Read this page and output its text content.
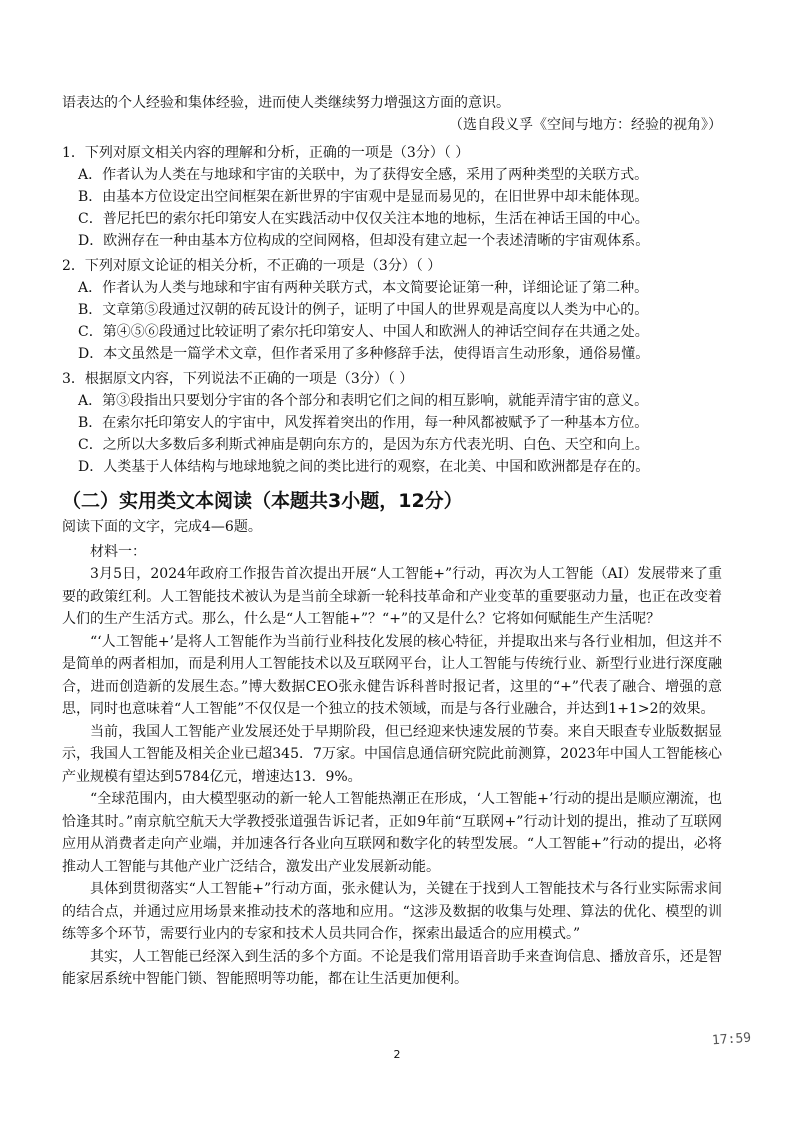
语表达的个人经验和集体经验，进而使人类继续努力增强这方面的意识。
（选自段义孚《空间与地方：经验的视角》）
1．下列对原文相关内容的理解和分析，正确的一项是（3分）（ ）
A．作者认为人类在与地球和宇宙的关联中，为了获得安全感，采用了两种类型的关联方式。
B．由基本方位设定出空间框架在新世界的宇宙观中是显而易见的，在旧世界中却未能体现。
C．普尼托巴的索尔托印第安人在实践活动中仅仅关注本地的地标，生活在神话王国的中心。
D．欧洲存在一种由基本方位构成的空间网格，但却没有建立起一个表述清晰的宇宙观体系。
2．下列对原文论证的相关分析，不正确的一项是（3分）（ ）
A．作者认为人类与地球和宇宙有两种关联方式，本文简要论证第一种，详细论证了第二种。
B．文章第⑤段通过汉朝的砖瓦设计的例子，证明了中国人的世界观是高度以人类为中心的。
C．第④⑤⑥段通过比较证明了索尔托印第安人、中国人和欧洲人的神话空间存在共通之处。
D．本文虽然是一篇学术文章，但作者采用了多种修辞手法，使得语言生动形象，通俗易懂。
3．根据原文内容，下列说法不正确的一项是（3分）（ ）
A．第③段指出只要划分宇宙的各个部分和表明它们之间的相互影响，就能弄清宇宙的意义。
B．在索尔托印第安人的宇宙中，风发挥着突出的作用，每一种风都被赋予了一种基本方位。
C．之所以大多数后多利斯式神庙是朝向东方的，是因为东方代表光明、白色、天空和向上。
D．人类基于人体结构与地球地貌之间的类比进行的观察，在北美、中国和欧洲都是存在的。
（二）实用类文本阅读（本题共3小题，12分）

阅读下面的文字，完成4—6题。

材料一：

3月5日，2024年政府工作报告首次提出开展“人工智能+”行动，再次为人工智能（AI）发展带来了重要的政策红利。人工智能技术被认为是当前全球新一轮科技革命和产业变革的重要驱动力量，也正在改变着人们的生产生活方式。那么，什么是“人工智能+”？“+”的又是什么？它将如何赋能生产生活呢？

“‘人工智能+’是将人工智能作为当前行业科技化发展的核心特征，并提取出来与各行业相加，但这并不是简单的两者相加，而是利用人工智能技术以及互联网平台，让人工智能与传统行业、新型行业进行深度融合，进而创造新的发展生态。”博大数据CEO张永健告诉科普时报记者，这里的“+”代表了融合、增强的意思，同时也意味着“人工智能”不仅仅是一个独立的技术领域，而是与各行业融合，并达到1+1>2的效果。

当前，我国人工智能产业发展还处于早期阶段，但已经迎来快速发展的节奏。来自天眼查专业版数据显示，我国人工智能及相关企业已超345．7万家。中国信息通信研究院此前测算，2023年中国人工智能核心产业规模有望达到5784亿元，增速达13．9%。

“全球范围内，由大模型驱动的新一轮人工智能热潮正在形成，‘人工智能+’行动的提出是顺应潮流，也恰逢其时。”南京航空航天大学教授张道强告诉记者，正如9年前“互联网+”行动计划的提出，推动了互联网应用从消费者走向产业端，并加速各行各业向互联网和数字化的转型发展。“人工智能+”行动的提出，必将推动人工智能与其他产业广泛结合，激发出产业发展新动能。

具体到贯彻落实“人工智能+”行动方面，张永健认为，关键在于找到人工智能技术与各行业实际需求间的结合点，并通过应用场景来推动技术的落地和应用。“这涉及数据的收集与处理、算法的优化、模型的训练等多个环节，需要行业内的专家和技术人员共同合作，探索出最适合的应用模式。”

其实，人工智能已经深入到生活的多个方面。不论是我们常用语音助手来查询信息、播放音乐，还是智能家居系统中智能门锁、智能照明等功能，都在让生活更加便利。

17:59
2
